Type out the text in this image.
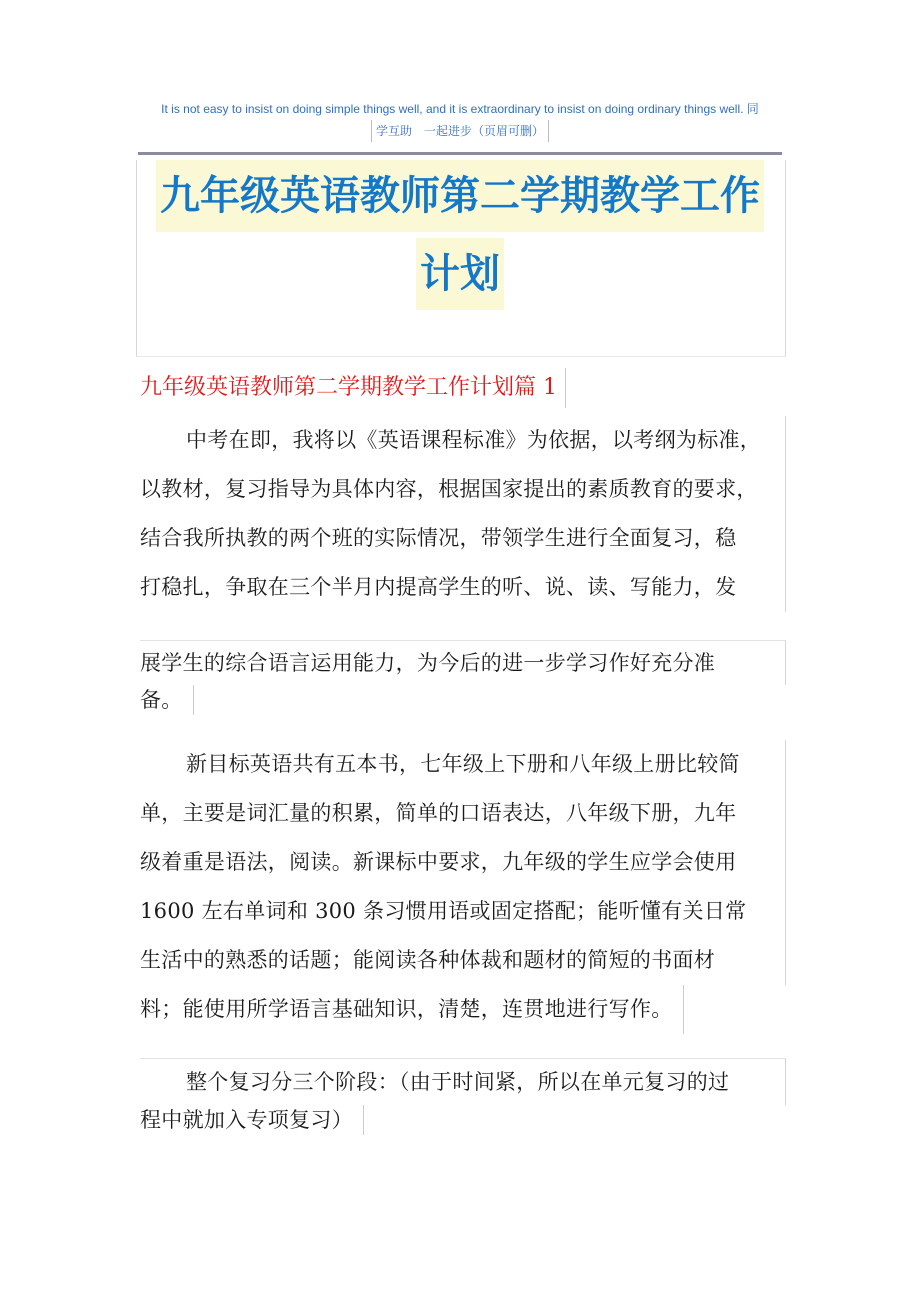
It is not easy to insist on doing simple things well, and it is extraordinary to insist on doing ordinary things well. 同
学互助　一起进步（页眉可删）
九年级英语教师第二学期教学工作
计划
九年级英语教师第二学期教学工作计划篇 1
中考在即，我将以《英语课程标准》为依据，以考纲为标准，
以教材，复习指导为具体内容，根据国家提出的素质教育的要求，
结合我所执教的两个班的实际情况，带领学生进行全面复习，稳
打稳扎，争取在三个半月内提高学生的听、说、读、写能力，发
展学生的综合语言运用能力，为今后的进一步学习作好充分准
备。
新目标英语共有五本书，七年级上下册和八年级上册比较简
单，主要是词汇量的积累，简单的口语表达，八年级下册，九年
级着重是语法，阅读。新课标中要求，九年级的学生应学会使用
1600 左右单词和 300 条习惯用语或固定搭配；能听懂有关日常
生活中的熟悉的话题；能阅读各种体裁和题材的简短的书面材
料；能使用所学语言基础知识，清楚，连贯地进行写作。
整个复习分三个阶段：（由于时间紧，所以在单元复习的过
程中就加入专项复习）
